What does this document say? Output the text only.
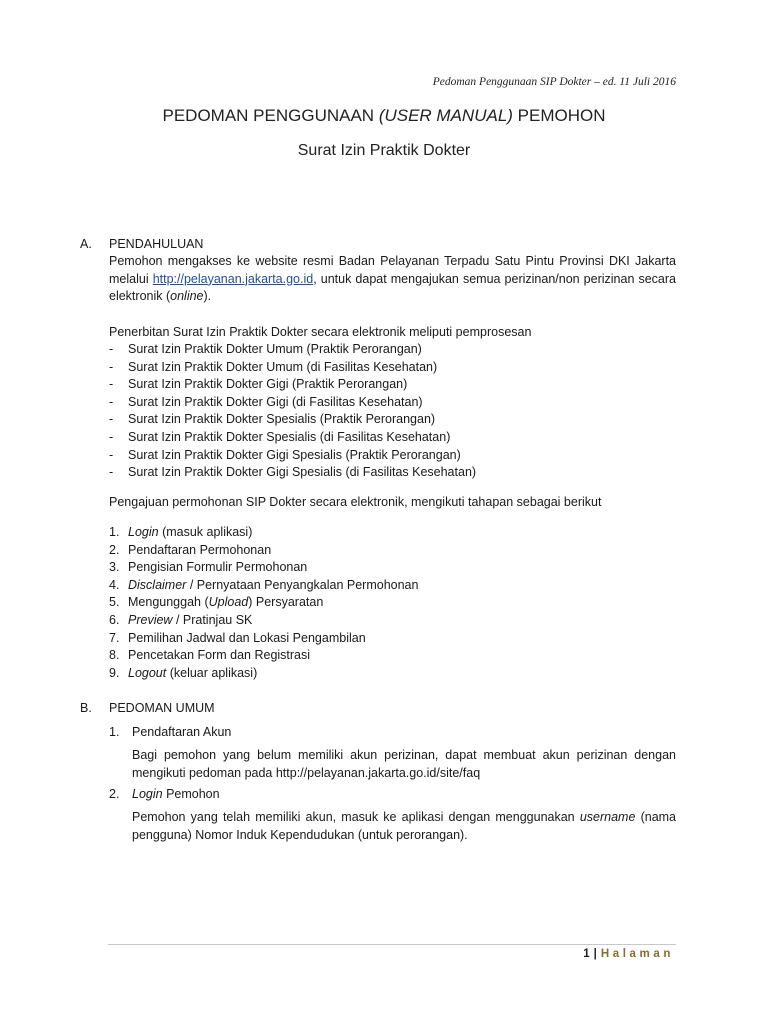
Pedoman Penggunaan SIP Dokter – ed. 11 Juli 2016
PEDOMAN PENGGUNAAN (USER MANUAL) PEMOHON
Surat Izin Praktik Dokter
A. PENDAHULUAN
Pemohon mengakses ke website resmi Badan Pelayanan Terpadu Satu Pintu Provinsi DKI Jakarta melalui http://pelayanan.jakarta.go.id, untuk dapat mengajukan semua perizinan/non perizinan secara elektronik (online).
Penerbitan Surat Izin Praktik Dokter secara elektronik meliputi pemprosesan
- Surat Izin Praktik Dokter Umum (Praktik Perorangan)
- Surat Izin Praktik Dokter Umum (di Fasilitas Kesehatan)
- Surat Izin Praktik Dokter Gigi (Praktik Perorangan)
- Surat Izin Praktik Dokter Gigi (di Fasilitas Kesehatan)
- Surat Izin Praktik Dokter Spesialis (Praktik Perorangan)
- Surat Izin Praktik Dokter Spesialis (di Fasilitas Kesehatan)
- Surat Izin Praktik Dokter Gigi Spesialis (Praktik Perorangan)
- Surat Izin Praktik Dokter Gigi Spesialis (di Fasilitas Kesehatan)
Pengajuan permohonan SIP Dokter secara elektronik, mengikuti tahapan sebagai berikut
1. Login (masuk aplikasi)
2. Pendaftaran Permohonan
3. Pengisian Formulir Permohonan
4. Disclaimer / Pernyataan Penyangkalan Permohonan
5. Mengunggah (Upload) Persyaratan
6. Preview / Pratinjau SK
7. Pemilihan Jadwal dan Lokasi Pengambilan
8. Pencetakan Form dan Registrasi
9. Logout (keluar aplikasi)
B. PEDOMAN UMUM
1. Pendaftaran Akun
Bagi pemohon yang belum memiliki akun perizinan, dapat membuat akun perizinan dengan mengikuti pedoman pada http://pelayanan.jakarta.go.id/site/faq
2. Login Pemohon
Pemohon yang telah memiliki akun, masuk ke aplikasi dengan menggunakan username (nama pengguna) Nomor Induk Kependudukan (untuk perorangan).
1 | Halaman
